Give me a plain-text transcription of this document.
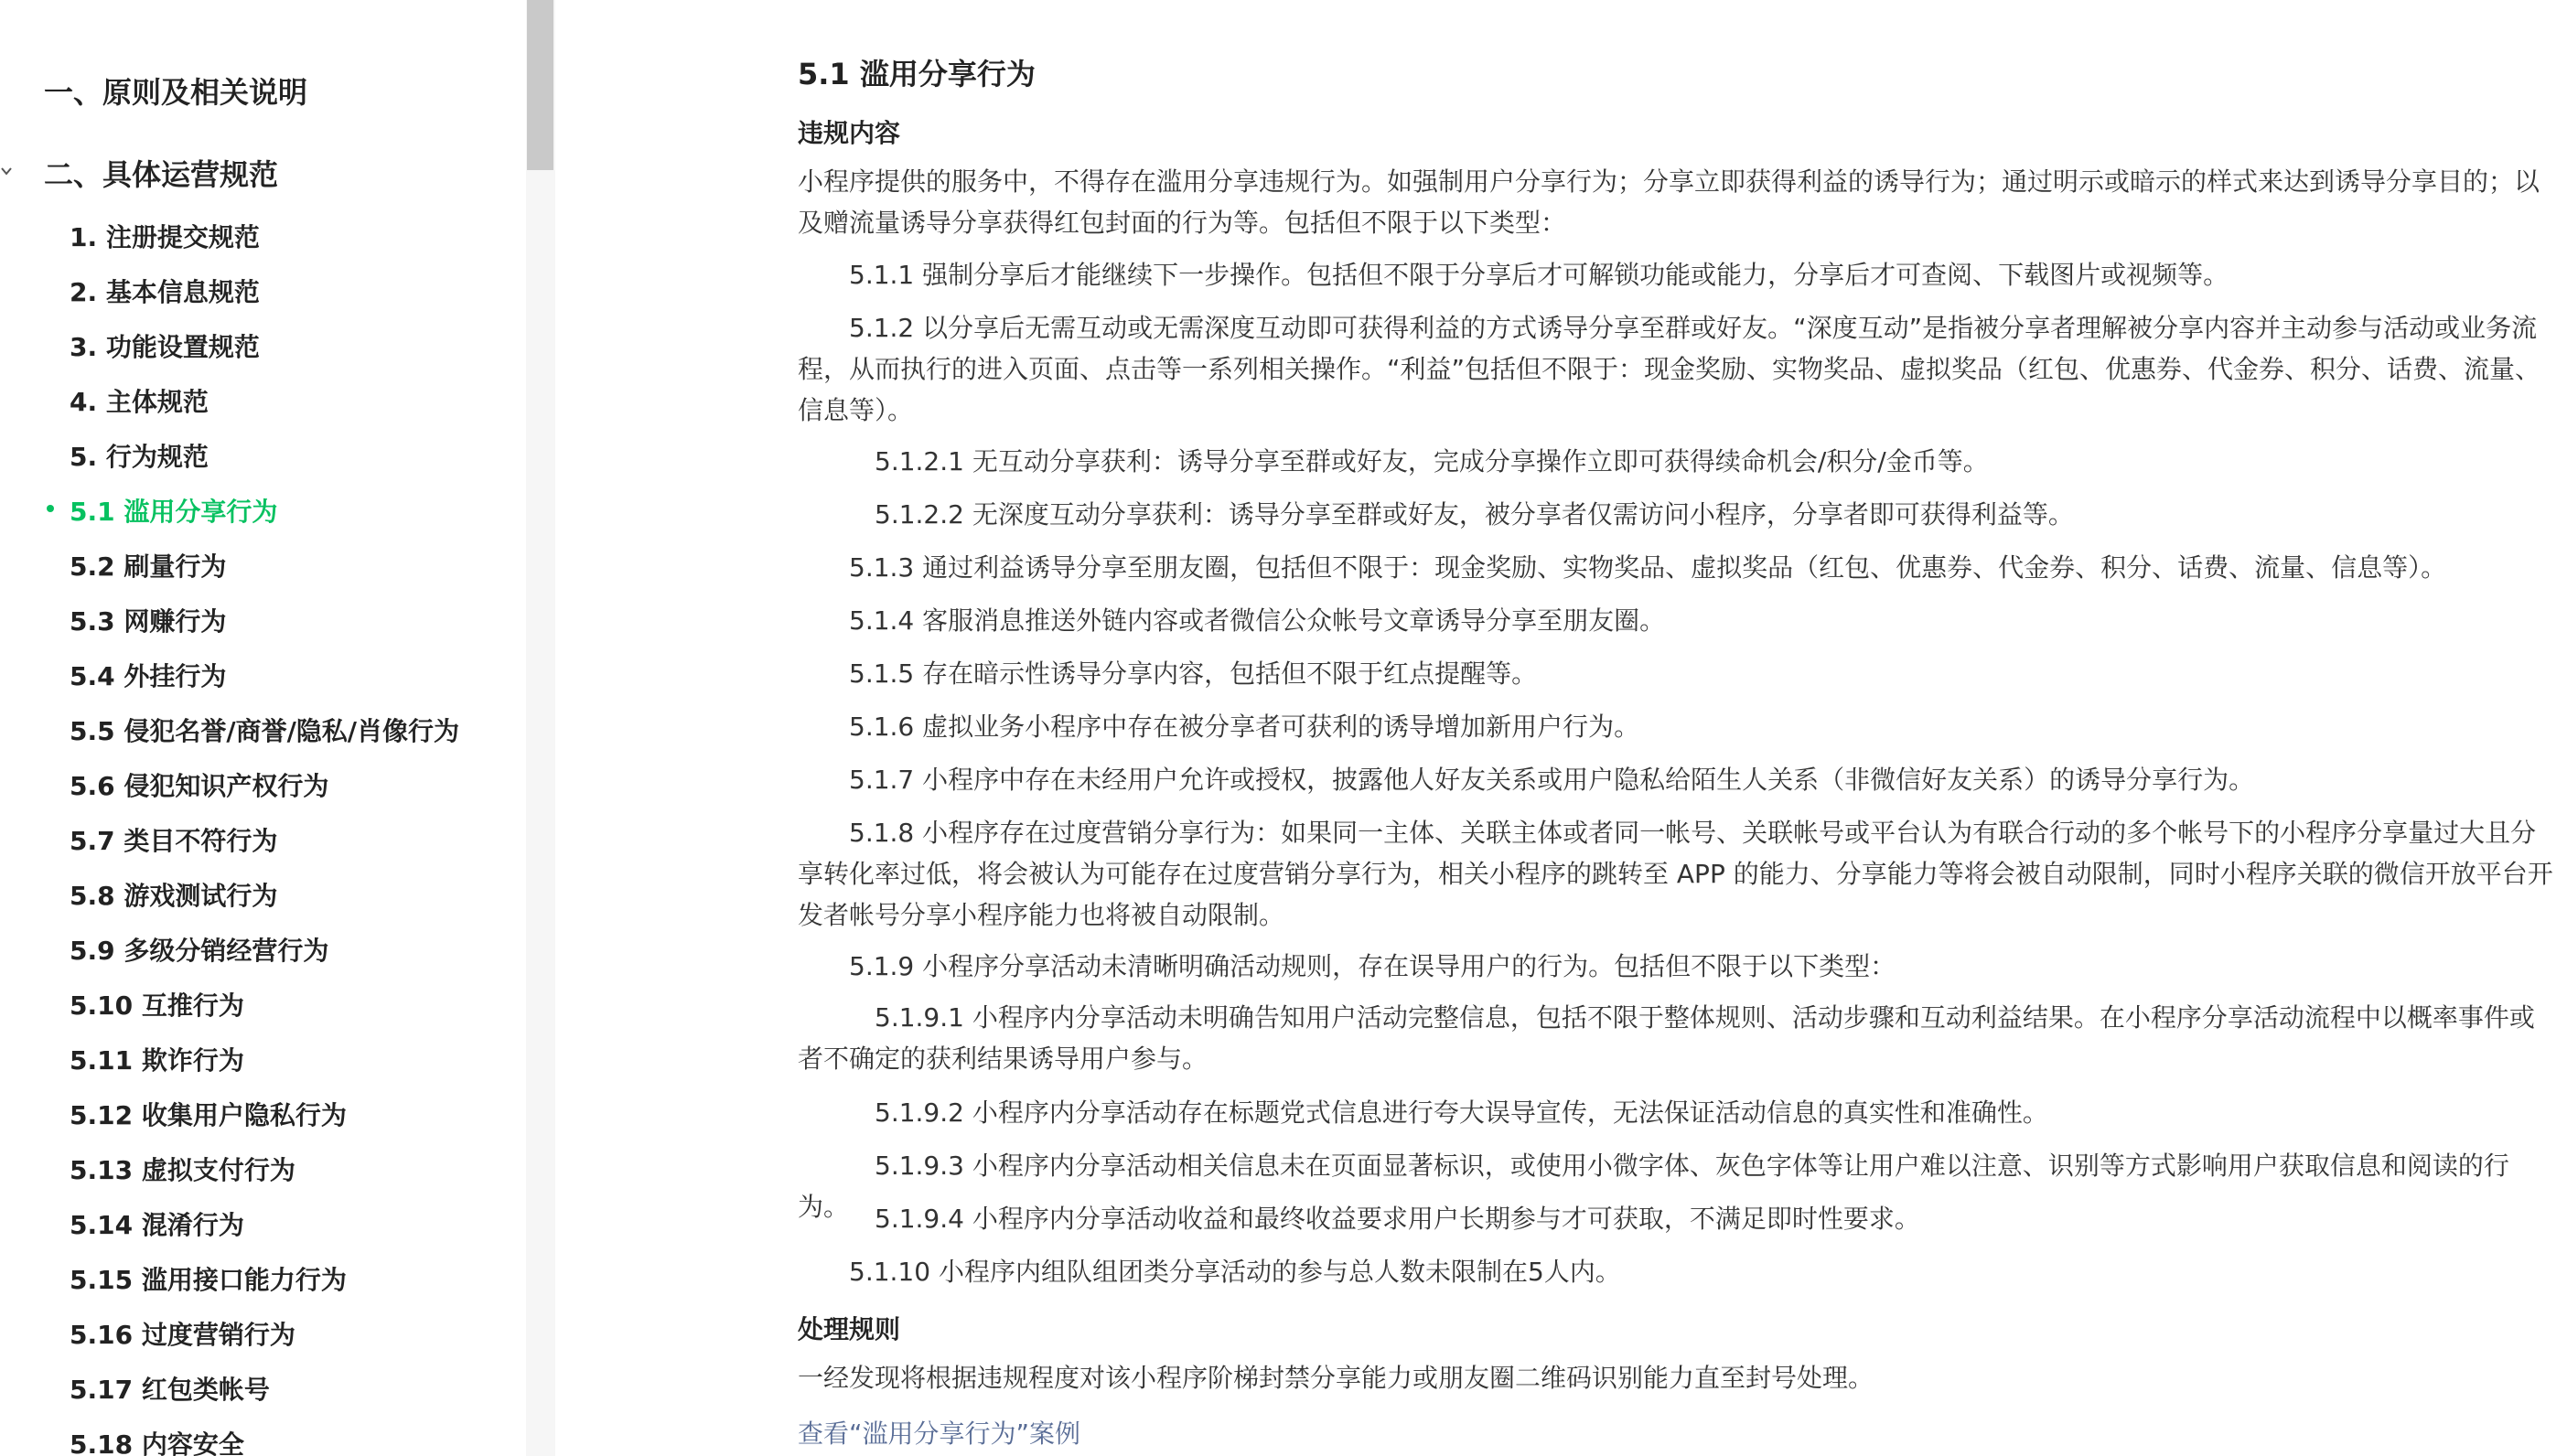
一、原则及相关说明
二、具体运营规范
1. 注册提交规范
2. 基本信息规范
3. 功能设置规范
4. 主体规范
5. 行为规范
5.1 滥用分享行为
5.2 刷量行为
5.3 网赚行为
5.4 外挂行为
5.5 侵犯名誉/商誉/隐私/肖像行为
5.6 侵犯知识产权行为
5.7 类目不符行为
5.8 游戏测试行为
5.9 多级分销经营行为
5.10 互推行为
5.11 欺诈行为
5.12 收集用户隐私行为
5.13 虚拟支付行为
5.14 混淆行为
5.15 滥用接口能力行为
5.16 过度营销行为
5.17 红包类帐号
5.18 内容安全
5.1 滥用分享行为
违规内容

小程序提供的服务中，不得存在滥用分享违规行为。如强制用户分享行为；分享立即获得利益的诱导行为；通过明示或暗示的样式来达到诱导分享目的；以及赠流量诱导分享获得红包封面的行为等。包括但不限于以下类型：

5.1.1 强制分享后才能继续下一步操作。包括但不限于分享后才可解锁功能或能力，分享后才可查阅、下载图片或视频等。

5.1.2 以分享后无需互动或无需深度互动即可获得利益的方式诱导分享至群或好友。“深度互动”是指被分享者理解被分享内容并主动参与活动或业务流程，从而执行的进入页面、点击等一系列相关操作。“利益”包括但不限于：现金奖励、实物奖品、虚拟奖品（红包、优惠券、代金券、积分、话费、流量、信息等）。

5.1.2.1 无互动分享获利：诱导分享至群或好友，完成分享操作立即可获得续命机会/积分/金币等。

5.1.2.2 无深度互动分享获利：诱导分享至群或好友，被分享者仅需访问小程序，分享者即可获得利益等。

5.1.3 通过利益诱导分享至朋友圈，包括但不限于：现金奖励、实物奖品、虚拟奖品（红包、优惠券、代金券、积分、话费、流量、信息等）。

5.1.4 客服消息推送外链内容或者微信公众帐号文章诱导分享至朋友圈。

5.1.5 存在暗示性诱导分享内容，包括但不限于红点提醒等。

5.1.6 虚拟业务小程序中存在被分享者可获利的诱导增加新用户行为。

5.1.7 小程序中存在未经用户允许或授权，披露他人好友关系或用户隐私给陌生人关系（非微信好友关系）的诱导分享行为。

5.1.8 小程序存在过度营销分享行为：如果同一主体、关联主体或者同一帐号、关联帐号或平台认为有联合行动的多个帐号下的小程序分享量过大且分享转化率过低，将会被认为可能存在过度营销分享行为，相关小程序的跳转至 APP 的能力、分享能力等将会被自动限制，同时小程序关联的微信开放平台开发者帐号分享小程序能力也将被自动限制。

5.1.9 小程序分享活动未清晰明确活动规则，存在误导用户的行为。包括但不限于以下类型：

5.1.9.1 小程序内分享活动未明确告知用户活动完整信息，包括不限于整体规则、活动步骤和互动利益结果。在小程序分享活动流程中以概率事件或者不确定的获利结果诱导用户参与。

5.1.9.2 小程序内分享活动存在标题党式信息进行夸大误导宣传，无法保证活动信息的真实性和准确性。

5.1.9.3 小程序内分享活动相关信息未在页面显著标识，或使用小微字体、灰色字体等让用户难以注意、识别等方式影响用户获取信息和阅读的行为。 5.1.9.4 小程序内分享活动收益和最终收益要求用户长期参与才可获取，不满足即时性要求。

5.1.10 小程序内组队组团类分享活动的参与总人数未限制在5人内。

处理规则

一经发现将根据违规程度对该小程序阶梯封禁分享能力或朋友圈二维码识别能力直至封号处理。

查看“滥用分享行为”案例
